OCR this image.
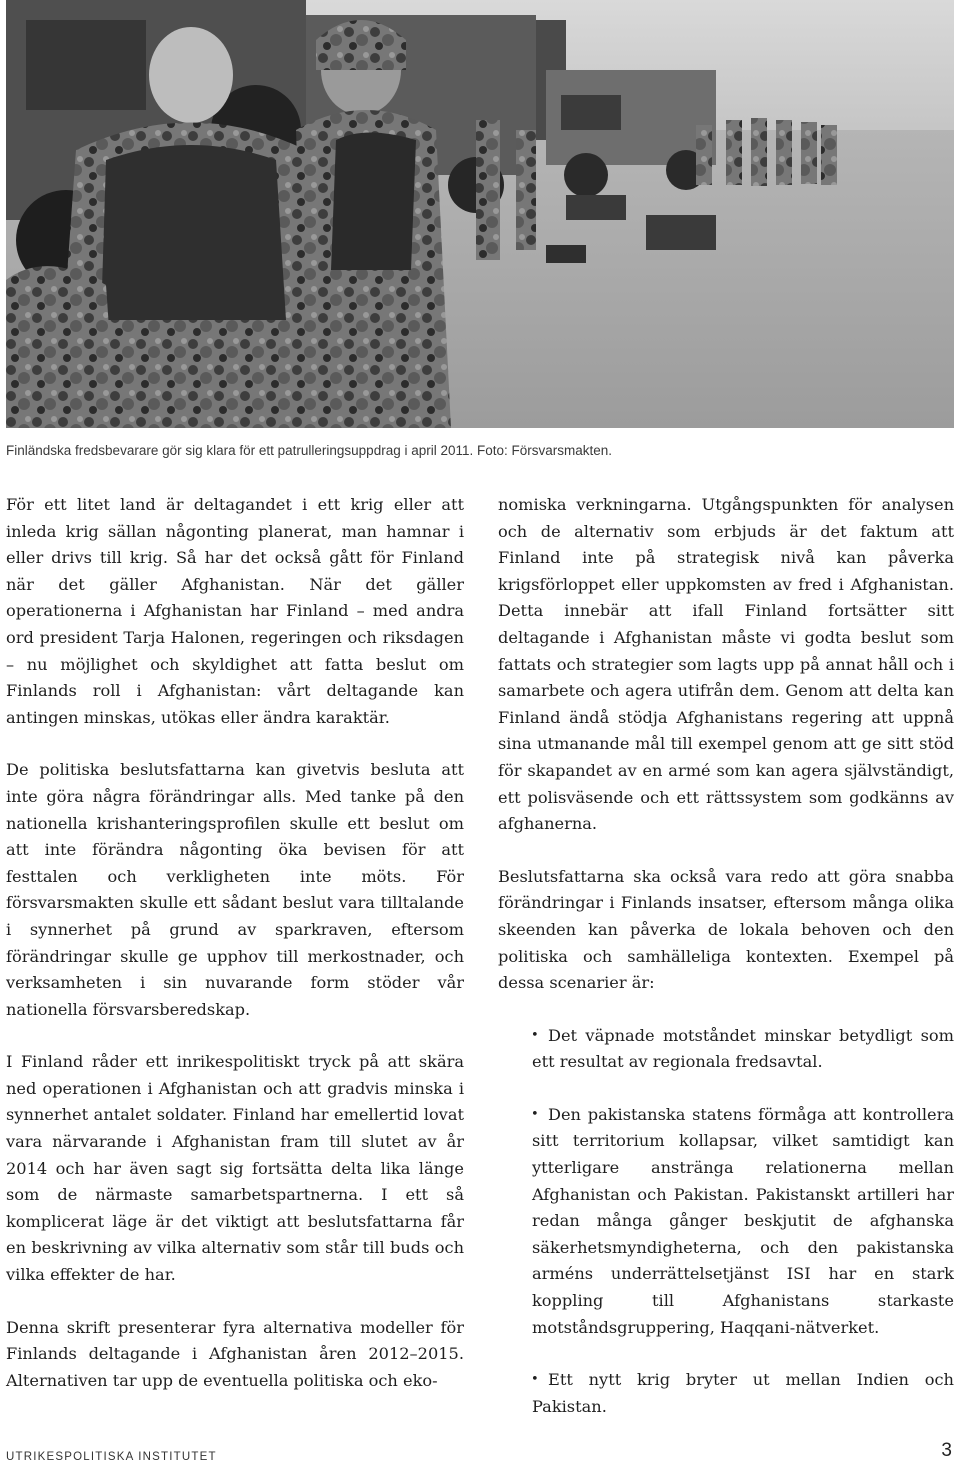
Finländska fredsbevarare gör sig klara för ett patrulleringsuppdrag i april 2011. Foto: Försvarsmakten.

För ett litet land är deltagandet i ett krig eller att inleda krig sällan någonting planerat, man hamnar i eller drivs till krig. Så har det också gått för Finland när det gäller Afghanistan. När det gäller operationerna i Afghanistan har Finland – med andra ord president Tarja Halonen, regeringen och riksdagen – nu möjlighet och skyldighet att fatta beslut om Finlands roll i Afghanistan: vårt deltagande kan antingen minskas, utökas eller ändra karaktär.

De politiska beslutsfattarna kan givetvis besluta att inte göra några förändringar alls. Med tanke på den nationella krishanteringsprofilen skulle ett beslut om att inte förändra någonting öka bevisen för att festtalen och verkligheten inte möts. För försvarsmakten skulle ett sådant beslut vara tilltalande i synnerhet på grund av sparkraven, eftersom förändringar skulle ge upphov till merkostnader, och verksamheten i sin nuvarande form stöder vår nationella försvarsberedskap.

I Finland råder ett inrikespolitiskt tryck på att skära ned operationen i Afghanistan och att gradvis minska i synnerhet antalet soldater. Finland har emellertid lovat vara närvarande i Afghanistan fram till slutet av år 2014 och har även sagt sig fortsätta delta lika länge som de närmaste samarbetspartnerna. I ett så komplicerat läge är det viktigt att beslutsfattarna får en beskrivning av vilka alternativ som står till buds och vilka effekter de har.

Denna skrift presenterar fyra alternativa modeller för Finlands deltagande i Afghanistan åren 2012–2015. Alternativen tar upp de eventuella politiska och eko-

nomiska verkningarna. Utgångspunkten för analysen och de alternativ som erbjuds är det faktum att Finland inte på strategisk nivå kan påverka krigsförloppet eller uppkomsten av fred i Afghanistan. Detta innebär att ifall Finland fortsätter sitt deltagande i Afghanistan måste vi godta beslut som fattats och strategier som lagts upp på annat håll och i samarbete och agera utifrån dem. Genom att delta kan Finland ändå stödja Afghanistans regering att uppnå sina utmanande mål till exempel genom att ge sitt stöd för skapandet av en armé som kan agera självständigt, ett polisväsende och ett rättssystem som godkänns av afghanerna.

Beslutsfattarna ska också vara redo att göra snabba förändringar i Finlands insatser, eftersom många olika skeenden kan påverka de lokala behoven och den politiska och samhälleliga kontexten. Exempel på dessa scenarier är:

• Det väpnade motståndet minskar betydligt som ett resultat av regionala fredsavtal.
• Den pakistanska statens förmåga att kontrollera sitt territorium kollapsar, vilket samtidigt kan ytterligare anstränga relationerna mellan Afghanistan och Pakistan. Pakistanskt artilleri har redan många gånger beskjutit de afghanska säkerhetsmyndigheterna, och den pakistanska arméns underrättelsetjänst ISI har en stark koppling till Afghanistans starkaste motståndsgruppering, Haqqani-nätverket.
• Ett nytt krig bryter ut mellan Indien och Pakistan.
UTRIKESPOLITISKA INSTITUTET	3
